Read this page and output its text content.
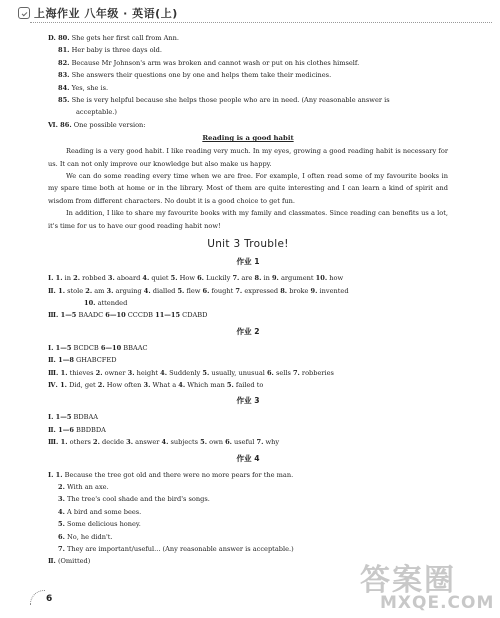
上海作业 八年级 · 英语(上)
D. 80. She gets her first call from Ann.
81. Her baby is three days old.
82. Because Mr Johnson's arm was broken and cannot wash or put on his clothes himself.
83. She answers their questions one by one and helps them take their medicines.
84. Yes, she is.
85. She is very helpful because she helps those people who are in need. (Any reasonable answer is
acceptable.)
Ⅵ. 86. One possible version:
Reading is a good habit
Reading is a very good habit. I like reading very much. In my eyes, growing a good reading habit is necessary for us. It can not only improve our knowledge but also make us happy.
We can do some reading every time when we are free. For example, I often read some of my favourite books in my spare time both at home or in the library. Most of them are quite interesting and I can learn a kind of spirit and wisdom from different characters. No doubt it is a good choice to get fun.
In addition, I like to share my favourite books with my family and classmates. Since reading can benefits us a lot, it's time for us to have our good reading habit now!
Unit 3 Trouble!
作业 1
Ⅰ. 1. in 2. robbed 3. aboard 4. quiet 5. How 6. Luckily 7. are 8. in 9. argument 10. how
Ⅱ. 1. stole 2. am 3. arguing 4. dialled 5. flew 6. fought 7. expressed 8. broke 9. invented
10. attended
Ⅲ. 1—5 BAADC 6—10 CCCDB 11—15 CDABD
作业 2
Ⅰ. 1—5 BCDCB 6—10 BBAAC
Ⅱ. 1—8 GHABCFED
Ⅲ. 1. thieves 2. owner 3. height 4. Suddenly 5. usually, unusual 6. sells 7. robberies
Ⅳ. 1. Did, get 2. How often 3. What a 4. Which man 5. failed to
作业 3
Ⅰ. 1—5 BDBAA
Ⅱ. 1—6 BBDBDA
Ⅲ. 1. others 2. decide 3. answer 4. subjects 5. own 6. useful 7. why
作业 4
Ⅰ. 1. Because the tree got old and there were no more pears for the man.
2. With an axe.
3. The tree's cool shade and the bird's songs.
4. A bird and some bees.
5. Some delicious honey.
6. No, he didn't.
7. They are important/useful... (Any reasonable answer is acceptable.)
Ⅱ. (Omitted)
6
答案圈
MXQE.COM
